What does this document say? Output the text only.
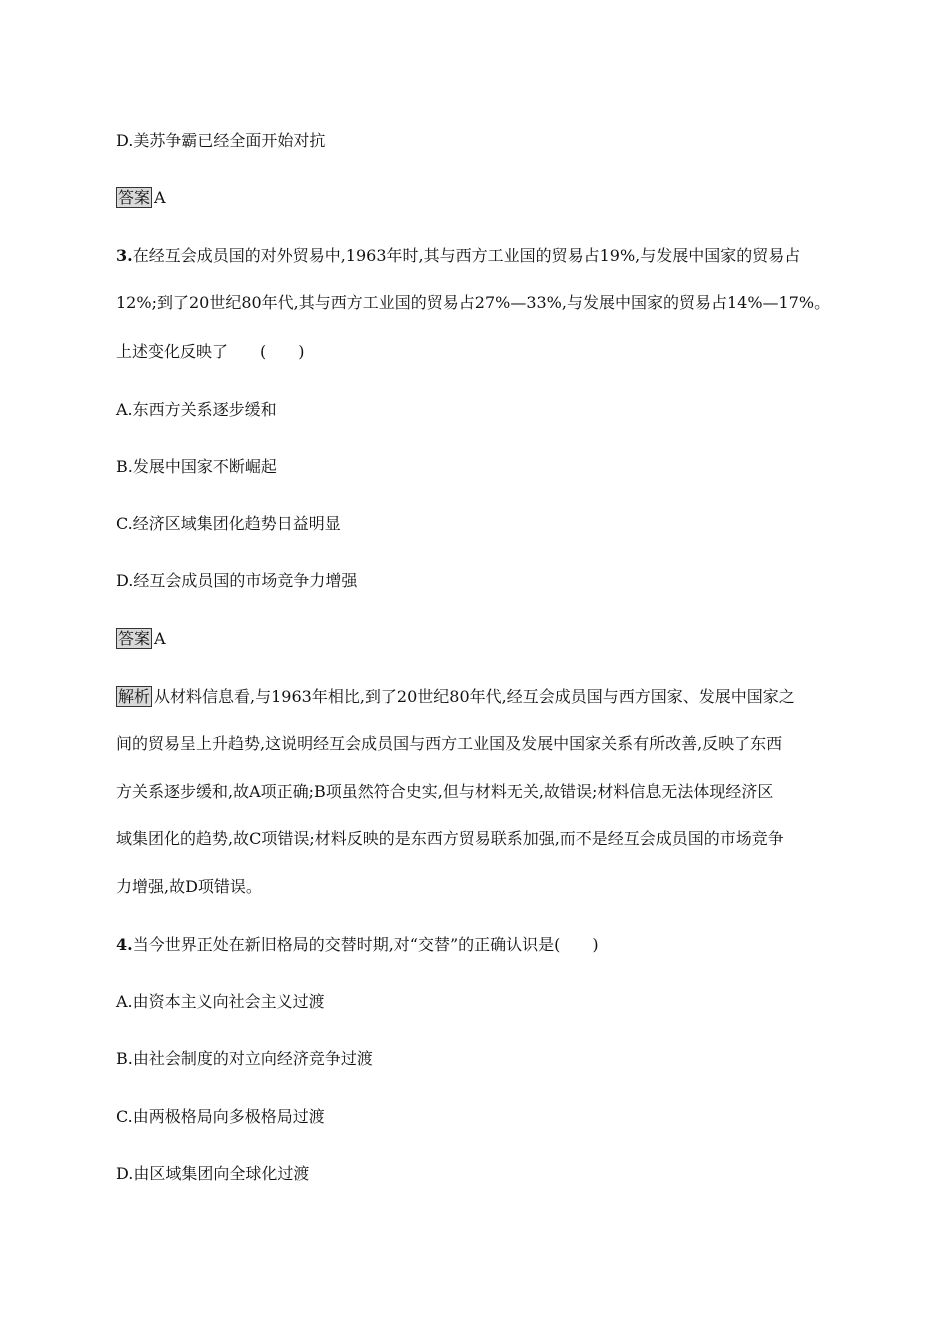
D.美苏争霸已经全面开始对抗
答案 A
3.在经互会成员国的对外贸易中,1963年时,其与西方工业国的贸易占19%,与发展中国家的贸易占
12%;到了20世纪80年代,其与西方工业国的贸易占27%—33%,与发展中国家的贸易占14%—17%。
上述变化反映了　　(　　)
A.东西方关系逐步缓和
B.发展中国家不断崛起
C.经济区域集团化趋势日益明显
D.经互会成员国的市场竞争力增强
答案 A
解析 从材料信息看,与1963年相比,到了20世纪80年代,经互会成员国与西方国家、发展中国家之
间的贸易呈上升趋势,这说明经互会成员国与西方工业国及发展中国家关系有所改善,反映了东西
方关系逐步缓和,故A项正确;B项虽然符合史实,但与材料无关,故错误;材料信息无法体现经济区
域集团化的趋势,故C项错误;材料反映的是东西方贸易联系加强,而不是经互会成员国的市场竞争
力增强,故D项错误。
4.当今世界正处在新旧格局的交替时期,对“交替”的正确认识是(　　)
A.由资本主义向社会主义过渡
B.由社会制度的对立向经济竞争过渡
C.由两极格局向多极格局过渡
D.由区域集团向全球化过渡
